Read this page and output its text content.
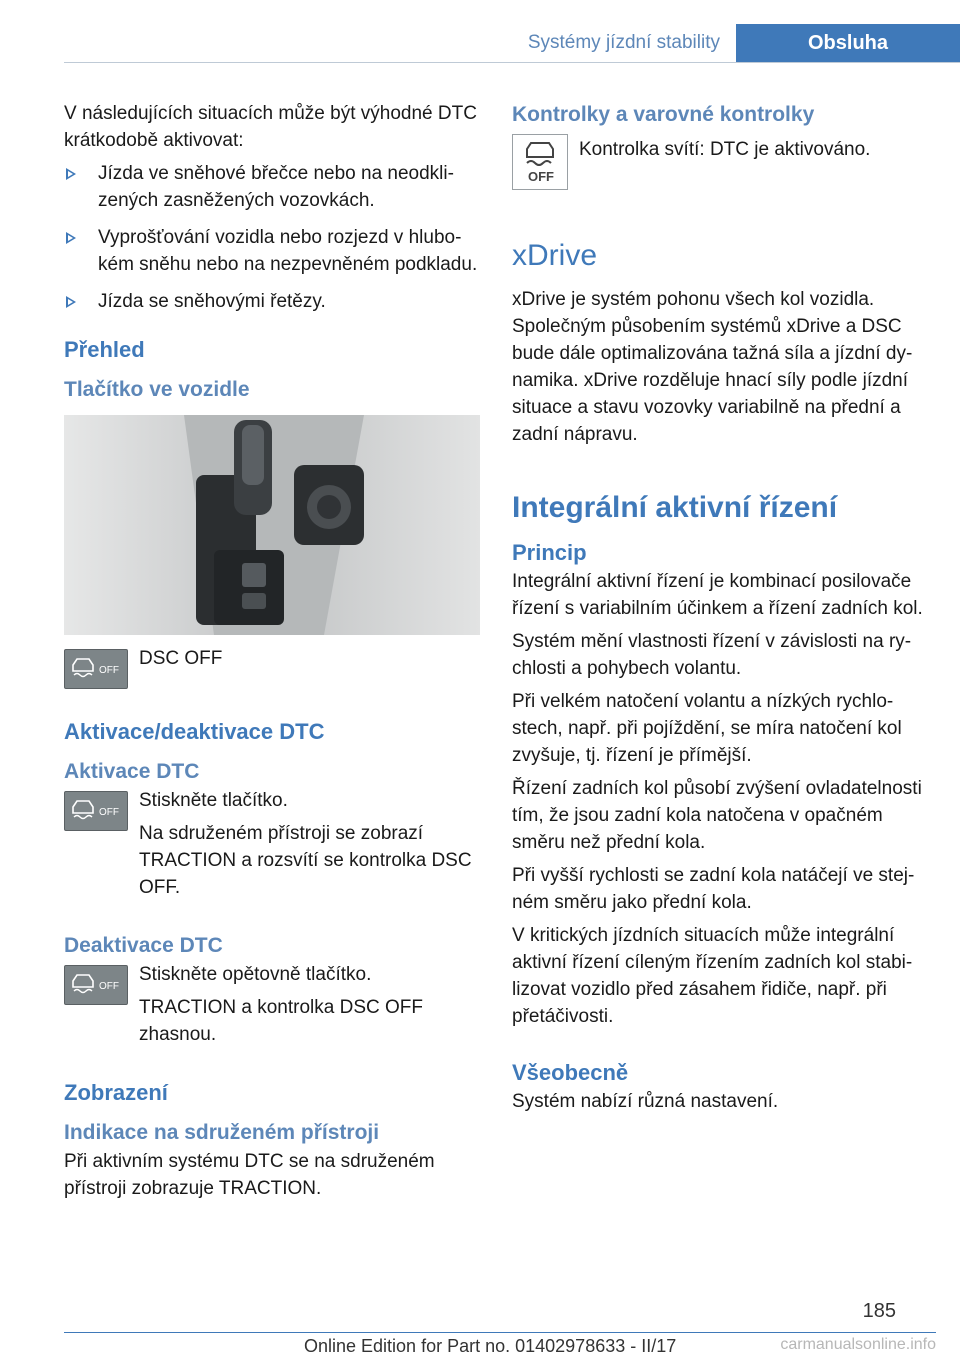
Systémy jízdní stability	Obsluha

V následujících situacích může být výhodné DTC krátkodobě aktivovat:

Jízda ve sněhové břečce nebo na neodklizených zasněžených vozovkách.
Vyprošťování vozidla nebo rozjezd v hlubokém sněhu nebo na nezpevněném podkladu.
Jízda se sněhovými řetězy.
Přehled
Tlačítko ve vozidle
OFF

DSC OFF

Aktivace/deaktivace DTC
Aktivace DTC
OFF

Stiskněte tlačítko.

Na sdruženém přístroji se zobrazí TRACTION a rozsvítí se kontrolka DSC OFF.

Deaktivace DTC
OFF

Stiskněte opětovně tlačítko.

TRACTION a kontrolka DSC OFF zhasnou.

Zobrazení
Indikace na sdruženém přístroji

Při aktivním systému DTC se na sdruženém přístroji zobrazuje TRACTION.

Kontrolky a varovné kontrolky
OFF

Kontrolka svítí: DTC je aktivováno.

xDrive

xDrive je systém pohonu všech kol vozidla. Společným působením systémů xDrive a DSC bude dále optimalizována tažná síla a jízdní dynamika. xDrive rozděluje hnací síly podle jízdní situace a stavu vozovky variabilně na přední a zadní nápravu.

Integrální aktivní řízení
Princip

Integrální aktivní řízení je kombinací posilovače řízení s variabilním účinkem a řízení zadních kol.

Systém mění vlastnosti řízení v závislosti na rychlosti a pohybech volantu.

Při velkém natočení volantu a nízkých rychlostech, např. při pojíždění, se míra natočení kol zvyšuje, tj. řízení je přímější.

Řízení zadních kol působí zvýšení ovladatelnosti tím, že jsou zadní kola natočena v opačném směru než přední kola.

Při vyšší rychlosti se zadní kola natáčejí ve stejném směru jako přední kola.

V kritických jízdních situacích může integrální aktivní řízení cíleným řízením zadních kol stabilizovat vozidlo před zásahem řidiče, např. při přetáčivosti.

Všeobecně

Systém nabízí různá nastavení.

185
Online Edition for Part no. 01402978633 - II/17	carmanualsonline.info
